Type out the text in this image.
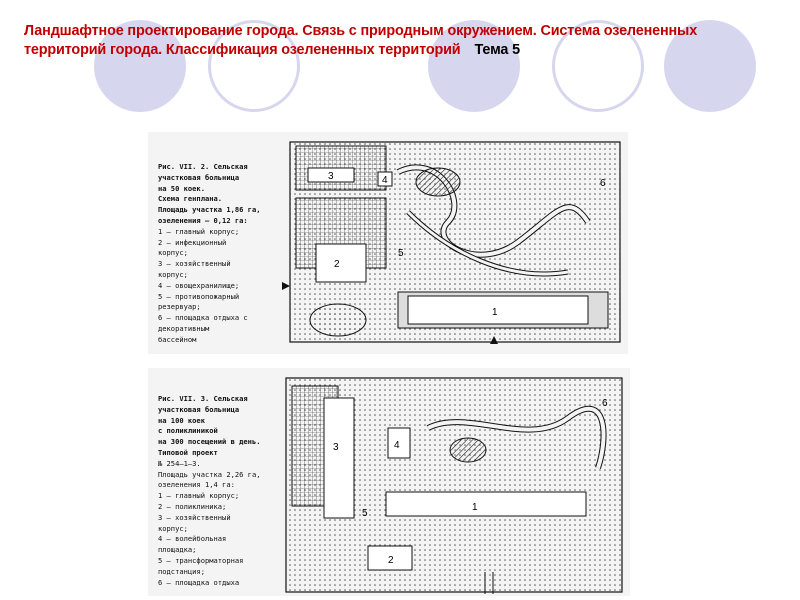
Ландшафтное проектирование города. Связь с природным окружением. Система озелененных территорий города. Классификация озелененных территорий Тема 5
Рис. VII. 2. Сельская
участковая больница
на 50 коек.
Схема генплана.
Площадь участка 1,86 га,
озеленения — 0,12 га:
1 — главный корпус;
2 — инфекционный
корпус;
3 — хозяйственный
корпус;
4 — овощехранилище;
5 — противопожарный
резервуар;
6 — площадка отдыха с
декоративным
бассейном
3	4
2
5
6
1
Рис. VII. 3. Сельская
участковая больница
на 100 коек
с поликлиникой
на 300 посещений в день.
Типовой проект
№ 254—1—3.
Площадь участка 2,26 га,
озеленения 1,4 га:
1 — главный корпус;
2 — поликлиника;
3 — хозяйственный
корпус;
4 — волейбольная
площадка;
5 — трансформаторная
подстанция;
6 — площадка отдыха
3	4
6
1
2
5
